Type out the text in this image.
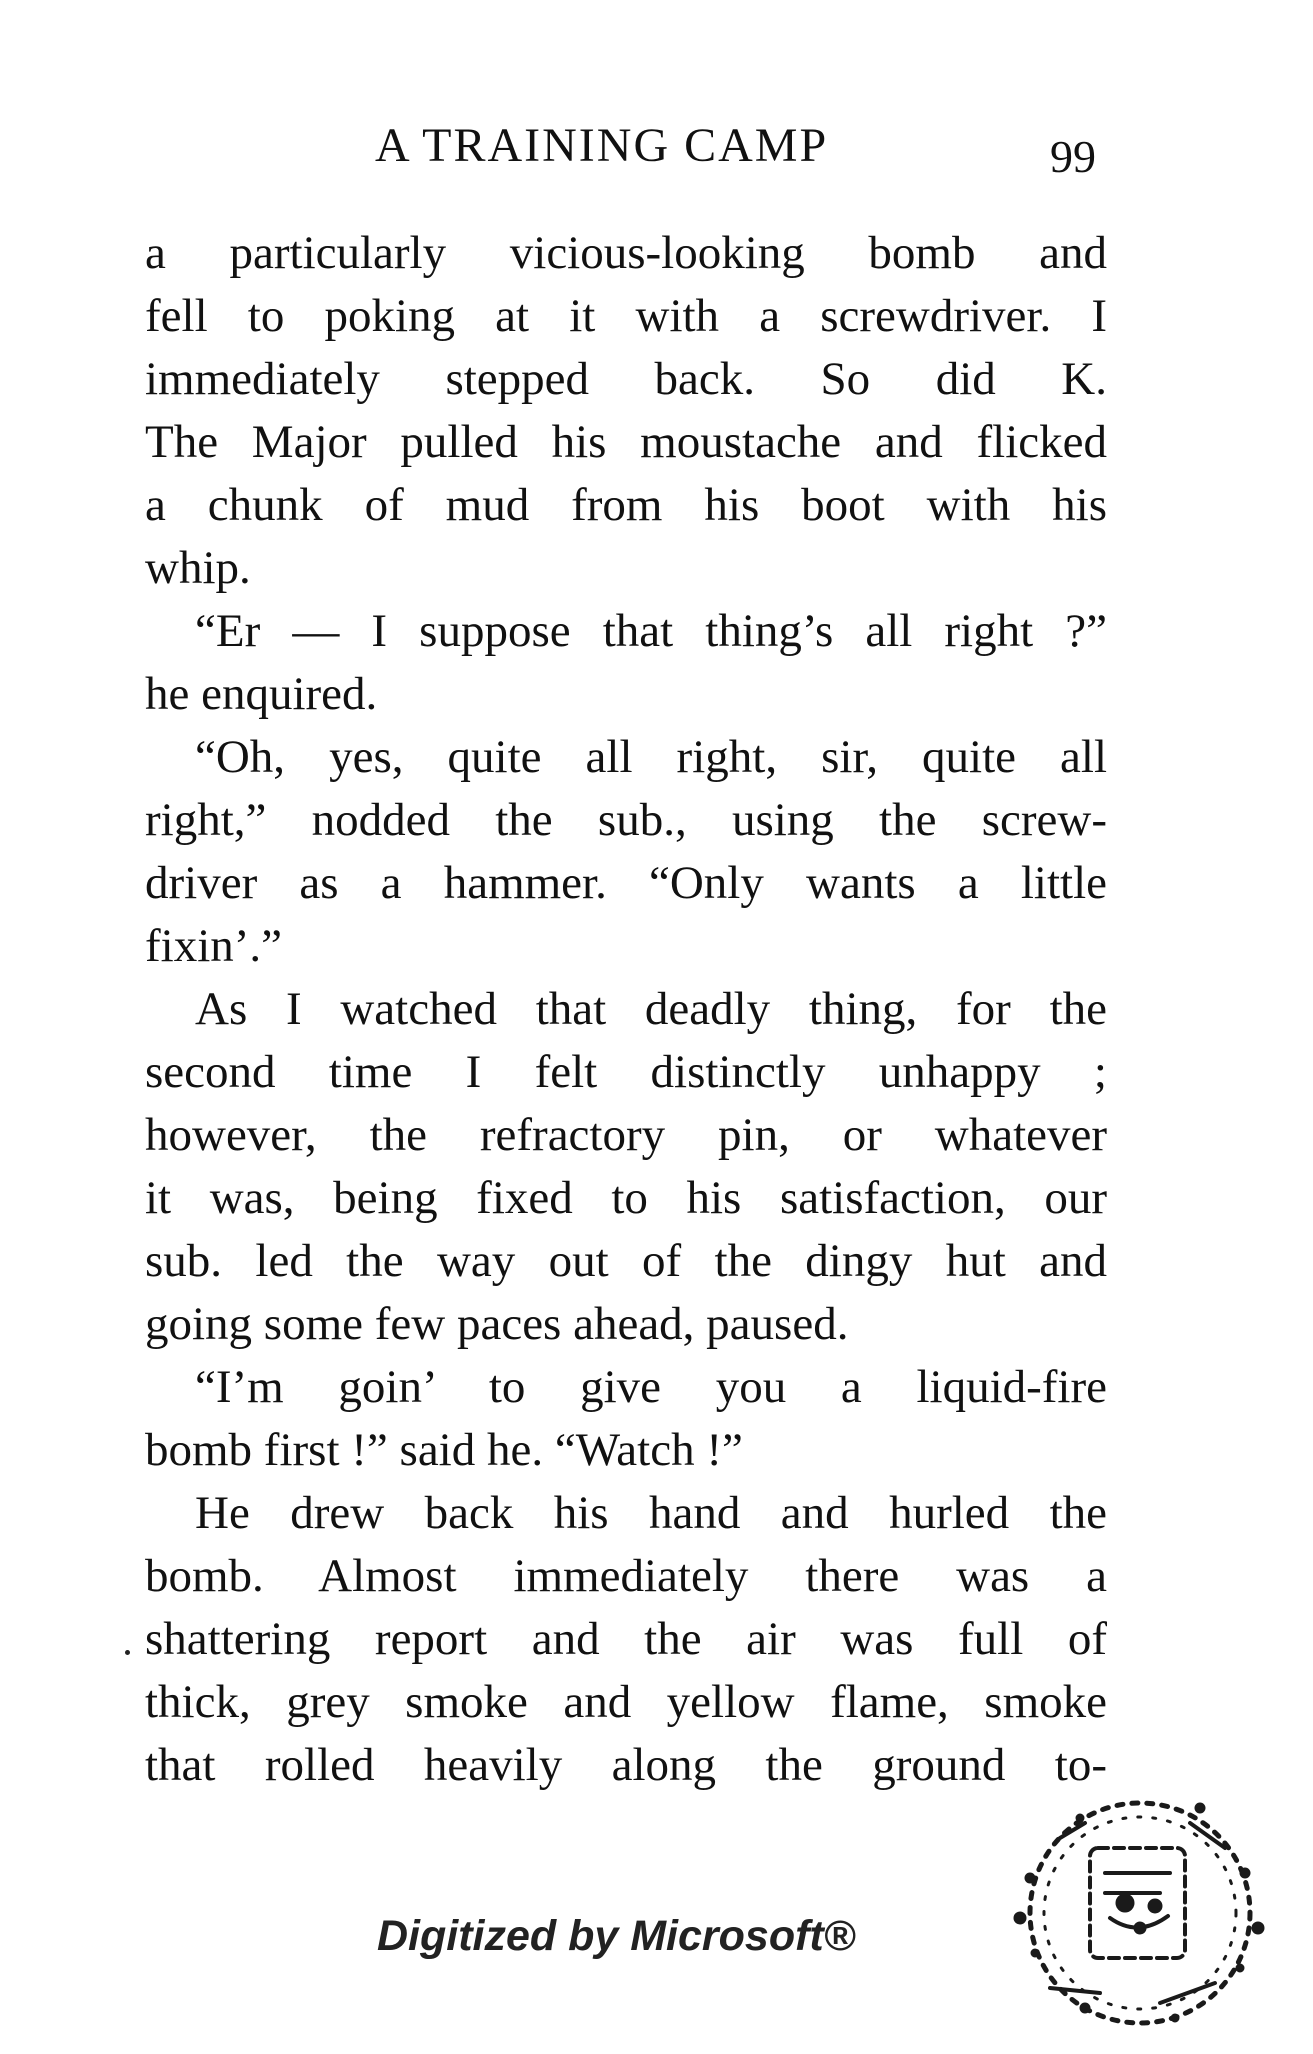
A TRAINING CAMP	99
a particularly vicious-looking bomb and
fell to poking at it with a screwdriver. I
immediately stepped back. So did K.
The Major pulled his moustache and flicked
a chunk of mud from his boot with his
whip.
“Er — I suppose that thing’s all right ?”
he enquired.
“Oh, yes, quite all right, sir, quite all
right,” nodded the sub., using the screw-
driver as a hammer. “Only wants a little
fixin’.”
As I watched that deadly thing, for the
second time I felt distinctly unhappy ;
however, the refractory pin, or whatever
it was, being fixed to his satisfaction, our
sub. led the way out of the dingy hut and
going some few paces ahead, paused.
“I’m goin’ to give you a liquid-fire
bomb first !” said he. “Watch !”
He drew back his hand and hurled the
bomb. Almost immediately there was a
shattering report and the air was full of
thick, grey smoke and yellow flame, smoke
that rolled heavily along the ground to-
Digitized by Microsoft®
